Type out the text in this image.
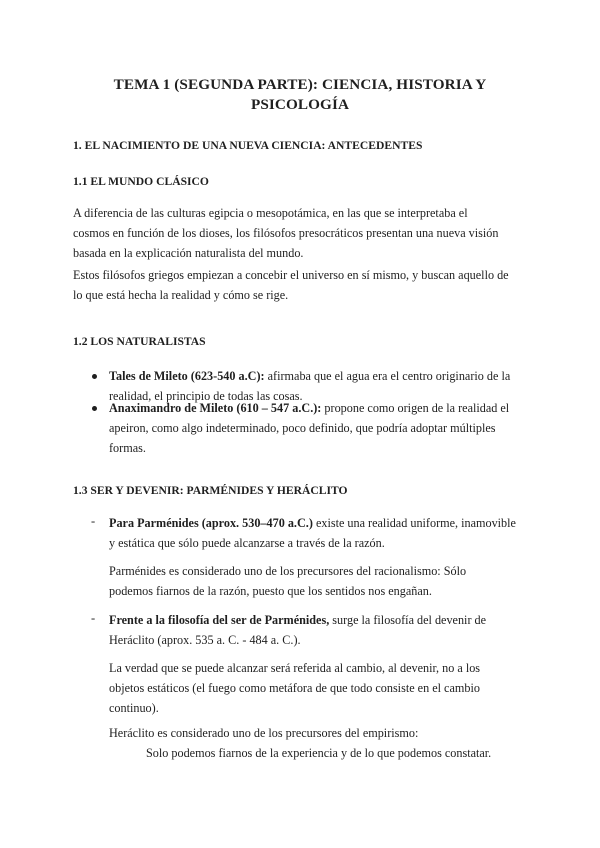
TEMA 1 (SEGUNDA PARTE): CIENCIA, HISTORIA Y
PSICOLOGÍA
1. EL NACIMIENTO DE UNA NUEVA CIENCIA: ANTECEDENTES
1.1 EL MUNDO CLÁSICO
A diferencia de las culturas egipcia o mesopotámica, en las que se interpretaba el
cosmos en función de los dioses, los filósofos presocráticos presentan una nueva visión
basada en la explicación naturalista del mundo.
Estos filósofos griegos empiezan a concebir el universo en sí mismo, y buscan aquello de
lo que está hecha la realidad y cómo se rige.
1.2 LOS NATURALISTAS
Tales de Mileto (623-540 a.C): afirmaba que el agua era el centro originario de la
realidad, el principio de todas las cosas.
Anaximandro de Mileto (610 – 547 a.C.): propone como origen de la realidad el
apeiron, como algo indeterminado, poco definido, que podría adoptar múltiples
formas.
1.3 SER Y DEVENIR: PARMÉNIDES Y HERÁCLITO
- Para Parménides (aprox. 530–470 a.C.) existe una realidad uniforme, inamovible
y estática que sólo puede alcanzarse a través de la razón.
Parménides es considerado uno de los precursores del racionalismo: Sólo
podemos fiarnos de la razón, puesto que los sentidos nos engañan.
- Frente a la filosofía del ser de Parménides, surge la filosofía del devenir de
Heráclito (aprox. 535 a. C. - 484 a. C.).
La verdad que se puede alcanzar será referida al cambio, al devenir, no a los
objetos estáticos (el fuego como metáfora de que todo consiste en el cambio
continuo).
Heráclito es considerado uno de los precursores del empirismo:
Solo podemos fiarnos de la experiencia y de lo que podemos constatar.
